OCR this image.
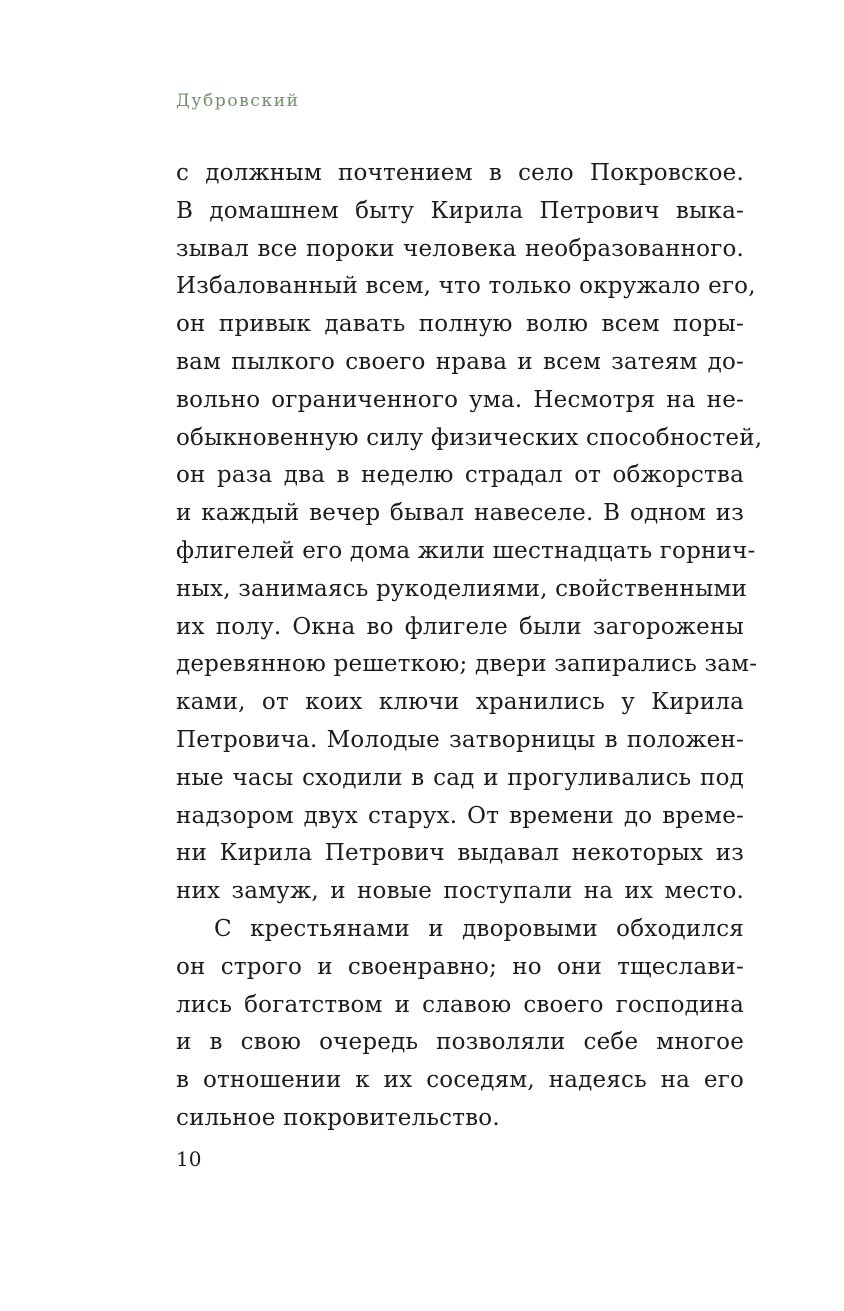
Дубровский
с должным почтением в село Покровское.
В домашнем быту Кирила Петрович выка-
зывал все пороки человека необразованного.
Избалованный всем, что только окружало его,
он привык давать полную волю всем поры-
вам пылкого своего нрава и всем затеям до-
вольно ограниченного ума. Несмотря на не-
обыкновенную силу физических способностей,
он раза два в неделю страдал от обжорства
и каждый вечер бывал навеселе. В одном из
флигелей его дома жили шестнадцать горнич-
ных, занимаясь рукоделиями, свойственными
их полу. Окна во флигеле были загорожены
деревянною решеткою; двери запирались зам-
ками, от коих ключи хранились у Кирила
Петровича. Молодые затворницы в положен-
ные часы сходили в сад и прогуливались под
надзором двух старух. От времени до време-
ни Кирила Петрович выдавал некоторых из
них замуж, и новые поступали на их место.
С крестьянами и дворовыми обходился
он строго и своенравно; но они тщеслави-
лись богатством и славою своего господина
и в свою очередь позволяли себе многое
в отношении к их соседям, надеясь на его
сильное покровительство.
10
